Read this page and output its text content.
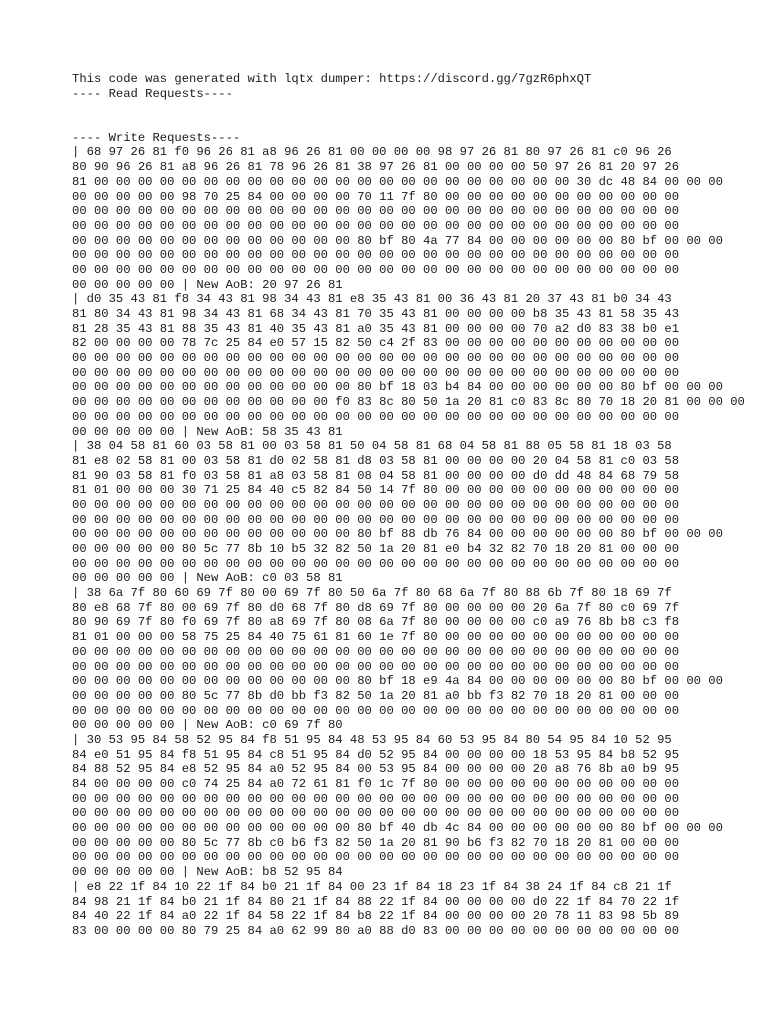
This code was generated with lqtx dumper: https://discord.gg/7gzR6phxQT
---- Read Requests----
---- Write Requests----
| 68 97 26 81 f0 96 26 81 a8 96 26 81 00 00 00 00 98 97 26 81 80 97 26 81 c0 96 26
80 90 96 26 81 a8 96 26 81 78 96 26 81 38 97 26 81 00 00 00 00 50 97 26 81 20 97 26
81 00 00 00 00 00 00 00 00 00 00 00 00 00 00 00 00 00 00 00 00 00 00 30 dc 48 84 00 00 00
00 00 00 00 00 98 70 25 84 00 00 00 00 70 11 7f 80 00 00 00 00 00 00 00 00 00 00 00
00 00 00 00 00 00 00 00 00 00 00 00 00 00 00 00 00 00 00 00 00 00 00 00 00 00 00 00
00 00 00 00 00 00 00 00 00 00 00 00 00 00 00 00 00 00 00 00 00 00 00 00 00 00 00 00
00 00 00 00 00 00 00 00 00 00 00 00 00 80 bf 80 4a 77 84 00 00 00 00 00 00 80 bf 00 00 00
00 00 00 00 00 00 00 00 00 00 00 00 00 00 00 00 00 00 00 00 00 00 00 00 00 00 00 00
00 00 00 00 00 00 00 00 00 00 00 00 00 00 00 00 00 00 00 00 00 00 00 00 00 00 00 00
00 00 00 00 00 | New AoB: 20 97 26 81
| d0 35 43 81 f8 34 43 81 98 34 43 81 e8 35 43 81 00 36 43 81 20 37 43 81 b0 34 43
81 80 34 43 81 98 34 43 81 68 34 43 81 70 35 43 81 00 00 00 00 b8 35 43 81 58 35 43
81 28 35 43 81 88 35 43 81 40 35 43 81 a0 35 43 81 00 00 00 00 70 a2 d0 83 38 b0 e1
82 00 00 00 00 78 7c 25 84 e0 57 15 82 50 c4 2f 83 00 00 00 00 00 00 00 00 00 00 00
00 00 00 00 00 00 00 00 00 00 00 00 00 00 00 00 00 00 00 00 00 00 00 00 00 00 00 00
00 00 00 00 00 00 00 00 00 00 00 00 00 00 00 00 00 00 00 00 00 00 00 00 00 00 00 00
00 00 00 00 00 00 00 00 00 00 00 00 00 80 bf 18 03 b4 84 00 00 00 00 00 00 80 bf 00 00 00
00 00 00 00 00 00 00 00 00 00 00 00 f0 83 8c 80 50 1a 20 81 c0 83 8c 80 70 18 20 81 00 00 00
00 00 00 00 00 00 00 00 00 00 00 00 00 00 00 00 00 00 00 00 00 00 00 00 00 00 00 00
00 00 00 00 00 | New AoB: 58 35 43 81
| 38 04 58 81 60 03 58 81 00 03 58 81 50 04 58 81 68 04 58 81 88 05 58 81 18 03 58
81 e8 02 58 81 00 03 58 81 d0 02 58 81 d8 03 58 81 00 00 00 00 20 04 58 81 c0 03 58
81 90 03 58 81 f0 03 58 81 a8 03 58 81 08 04 58 81 00 00 00 00 d0 dd 48 84 68 79 58
81 01 00 00 00 30 71 25 84 40 c5 82 84 50 14 7f 80 00 00 00 00 00 00 00 00 00 00 00
00 00 00 00 00 00 00 00 00 00 00 00 00 00 00 00 00 00 00 00 00 00 00 00 00 00 00 00
00 00 00 00 00 00 00 00 00 00 00 00 00 00 00 00 00 00 00 00 00 00 00 00 00 00 00 00
00 00 00 00 00 00 00 00 00 00 00 00 00 80 bf 88 db 76 84 00 00 00 00 00 00 80 bf 00 00 00
00 00 00 00 00 80 5c 77 8b 10 b5 32 82 50 1a 20 81 e0 b4 32 82 70 18 20 81 00 00 00
00 00 00 00 00 00 00 00 00 00 00 00 00 00 00 00 00 00 00 00 00 00 00 00 00 00 00 00
00 00 00 00 00 | New AoB: c0 03 58 81
| 38 6a 7f 80 60 69 7f 80 00 69 7f 80 50 6a 7f 80 68 6a 7f 80 88 6b 7f 80 18 69 7f
80 e8 68 7f 80 00 69 7f 80 d0 68 7f 80 d8 69 7f 80 00 00 00 00 20 6a 7f 80 c0 69 7f
80 90 69 7f 80 f0 69 7f 80 a8 69 7f 80 08 6a 7f 80 00 00 00 00 c0 a9 76 8b b8 c3 f8
81 01 00 00 00 58 75 25 84 40 75 61 81 60 1e 7f 80 00 00 00 00 00 00 00 00 00 00 00
00 00 00 00 00 00 00 00 00 00 00 00 00 00 00 00 00 00 00 00 00 00 00 00 00 00 00 00
00 00 00 00 00 00 00 00 00 00 00 00 00 00 00 00 00 00 00 00 00 00 00 00 00 00 00 00
00 00 00 00 00 00 00 00 00 00 00 00 00 80 bf 18 e9 4a 84 00 00 00 00 00 00 80 bf 00 00 00
00 00 00 00 00 80 5c 77 8b d0 bb f3 82 50 1a 20 81 a0 bb f3 82 70 18 20 81 00 00 00
00 00 00 00 00 00 00 00 00 00 00 00 00 00 00 00 00 00 00 00 00 00 00 00 00 00 00 00
00 00 00 00 00 | New AoB: c0 69 7f 80
| 30 53 95 84 58 52 95 84 f8 51 95 84 48 53 95 84 60 53 95 84 80 54 95 84 10 52 95
84 e0 51 95 84 f8 51 95 84 c8 51 95 84 d0 52 95 84 00 00 00 00 18 53 95 84 b8 52 95
84 88 52 95 84 e8 52 95 84 a0 52 95 84 00 53 95 84 00 00 00 00 20 a8 76 8b a0 b9 95
84 00 00 00 00 c0 74 25 84 a0 72 61 81 f0 1c 7f 80 00 00 00 00 00 00 00 00 00 00 00
00 00 00 00 00 00 00 00 00 00 00 00 00 00 00 00 00 00 00 00 00 00 00 00 00 00 00 00
00 00 00 00 00 00 00 00 00 00 00 00 00 00 00 00 00 00 00 00 00 00 00 00 00 00 00 00
00 00 00 00 00 00 00 00 00 00 00 00 00 80 bf 40 db 4c 84 00 00 00 00 00 00 80 bf 00 00 00
00 00 00 00 00 80 5c 77 8b c0 b6 f3 82 50 1a 20 81 90 b6 f3 82 70 18 20 81 00 00 00
00 00 00 00 00 00 00 00 00 00 00 00 00 00 00 00 00 00 00 00 00 00 00 00 00 00 00 00
00 00 00 00 00 | New AoB: b8 52 95 84
| e8 22 1f 84 10 22 1f 84 b0 21 1f 84 00 23 1f 84 18 23 1f 84 38 24 1f 84 c8 21 1f
84 98 21 1f 84 b0 21 1f 84 80 21 1f 84 88 22 1f 84 00 00 00 00 d0 22 1f 84 70 22 1f
84 40 22 1f 84 a0 22 1f 84 58 22 1f 84 b8 22 1f 84 00 00 00 00 20 78 11 83 98 5b 89
83 00 00 00 00 80 79 25 84 a0 62 99 80 a0 88 d0 83 00 00 00 00 00 00 00 00 00 00 00
